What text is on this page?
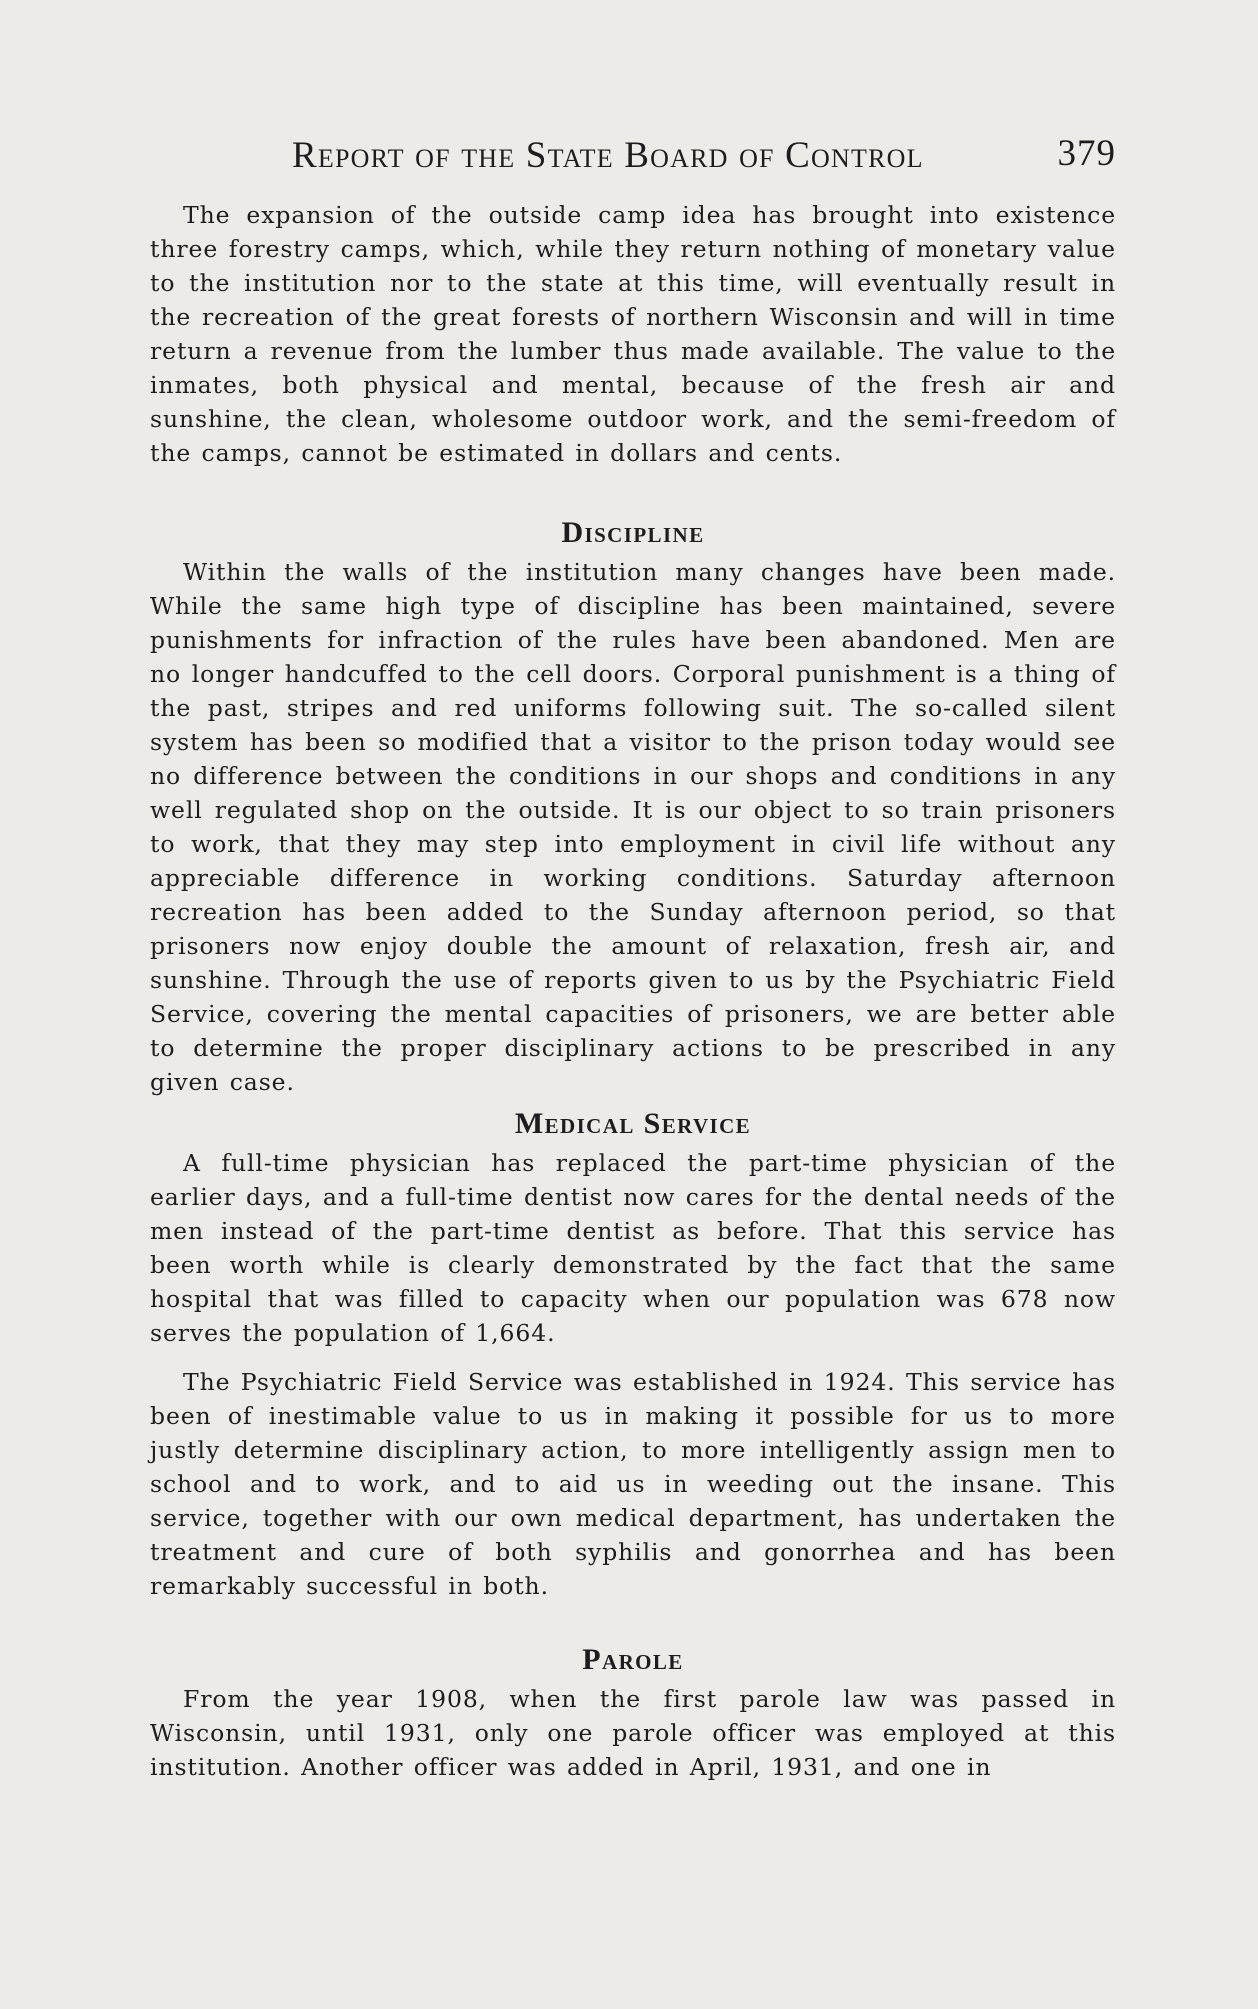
Report of the State Board of Control	379

The expansion of the outside camp idea has brought into existence three forestry camps, which, while they return nothing of monetary value to the institution nor to the state at this time, will eventually result in the recreation of the great forests of northern Wisconsin and will in time return a revenue from the lumber thus made available. The value to the inmates, both physical and mental, because of the fresh air and sunshine, the clean, wholesome outdoor work, and the semi-freedom of the camps, cannot be estimated in dollars and cents.

Discipline

Within the walls of the institution many changes have been made. While the same high type of discipline has been maintained, severe punishments for infraction of the rules have been abandoned. Men are no longer handcuffed to the cell doors. Corporal punishment is a thing of the past, stripes and red uniforms following suit. The so-called silent system has been so modified that a visitor to the prison today would see no difference between the conditions in our shops and conditions in any well regulated shop on the outside. It is our object to so train prisoners to work, that they may step into employment in civil life without any appreciable difference in working conditions. Saturday afternoon recreation has been added to the Sunday afternoon period, so that prisoners now enjoy double the amount of relaxation, fresh air, and sunshine. Through the use of reports given to us by the Psychiatric Field Service, covering the mental capacities of prisoners, we are better able to determine the proper disciplinary actions to be prescribed in any given case.

Medical Service

A full-time physician has replaced the part-time physician of the earlier days, and a full-time dentist now cares for the dental needs of the men instead of the part-time dentist as before. That this service has been worth while is clearly demonstrated by the fact that the same hospital that was filled to capacity when our population was 678 now serves the population of 1,664.

The Psychiatric Field Service was established in 1924. This service has been of inestimable value to us in making it possible for us to more justly determine disciplinary action, to more intelligently assign men to school and to work, and to aid us in weeding out the insane. This service, together with our own medical department, has undertaken the treatment and cure of both syphilis and gonorrhea and has been remarkably successful in both.

Parole

From the year 1908, when the first parole law was passed in Wisconsin, until 1931, only one parole officer was employed at this institution. Another officer was added in April, 1931, and one in
